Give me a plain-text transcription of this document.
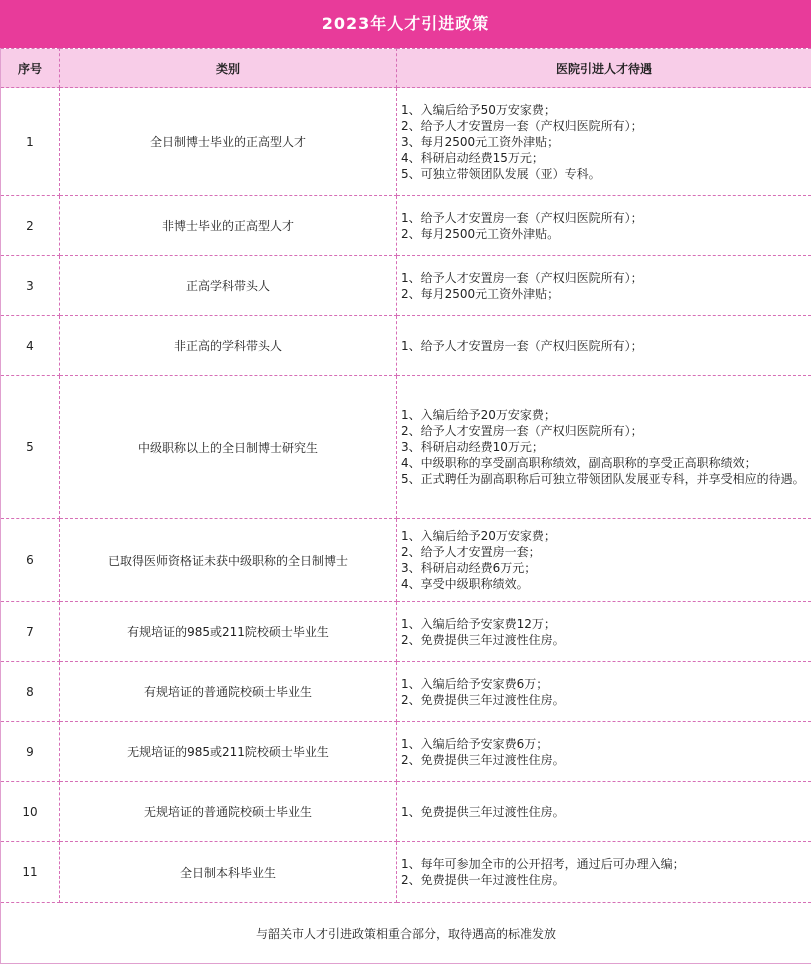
2023年人才引进政策
序号	类别	医院引进人才待遇
1	全日制博士毕业的正高型人才	1、入编后给予50万安家费；
2、给予人才安置房一套（产权归医院所有）；
3、每月2500元工资外津贴；
4、科研启动经费15万元；
5、可独立带领团队发展（亚）专科。

2	非博士毕业的正高型人才	1、给予人才安置房一套（产权归医院所有）；
2、每月2500元工资外津贴。

3	正高学科带头人	1、给予人才安置房一套（产权归医院所有）；
2、每月2500元工资外津贴；

4	非正高的学科带头人	1、给予人才安置房一套（产权归医院所有）；

5	中级职称以上的全日制博士研究生	1、入编后给予20万安家费；
2、给予人才安置房一套（产权归医院所有）；
3、科研启动经费10万元；
4、中级职称的享受副高职称绩效，副高职称的享受正高职称绩效；
5、正式聘任为副高职称后可独立带领团队发展亚专科，并享受相应的待遇。

6	已取得医师资格证未获中级职称的全日制博士	1、入编后给予20万安家费；
2、给予人才安置房一套；
3、科研启动经费6万元；
4、享受中级职称绩效。

7	有规培证的985或211院校硕士毕业生	1、入编后给予安家费12万；
2、免费提供三年过渡性住房。

8	有规培证的普通院校硕士毕业生	1、入编后给予安家费6万；
2、免费提供三年过渡性住房。

9	无规培证的985或211院校硕士毕业生	1、入编后给予安家费6万；
2、免费提供三年过渡性住房。

10	无规培证的普通院校硕士毕业生	1、免费提供三年过渡性住房。

11	全日制本科毕业生	1、每年可参加全市的公开招考，通过后可办理入编；
2、免费提供一年过渡性住房。

与韶关市人才引进政策相重合部分，取待遇高的标准发放		
